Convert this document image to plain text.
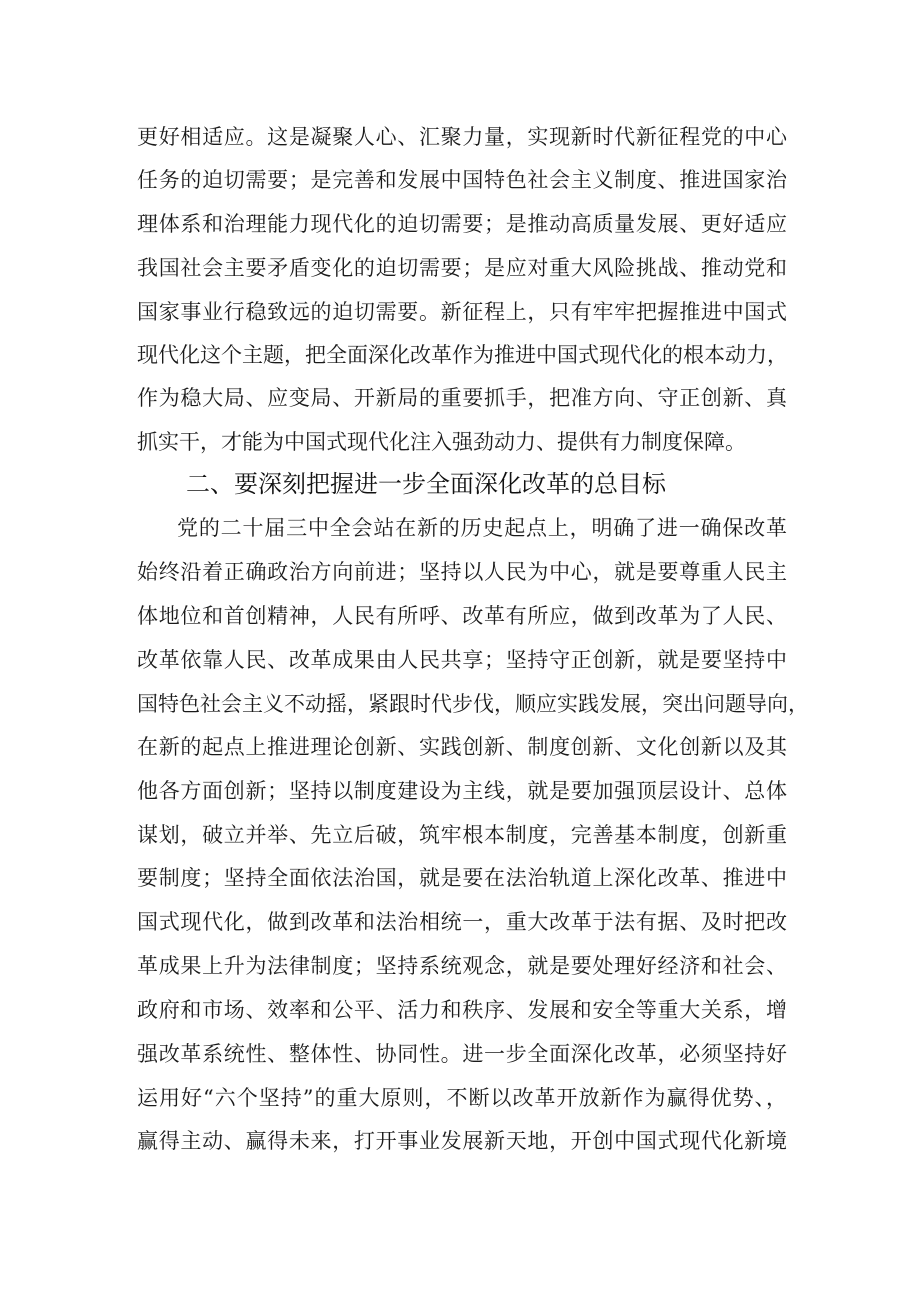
更好相适应。这是凝聚人心、汇聚力量，实现新时代新征程党的中心
任务的迫切需要；是完善和发展中国特色社会主义制度、推进国家治
理体系和治理能力现代化的迫切需要；是推动高质量发展、更好适应
我国社会主要矛盾变化的迫切需要；是应对重大风险挑战、推动党和
国家事业行稳致远的迫切需要。新征程上，只有牢牢把握推进中国式
现代化这个主题，把全面深化改革作为推进中国式现代化的根本动力，
作为稳大局、应变局、开新局的重要抓手，把准方向、守正创新、真
抓实干，才能为中国式现代化注入强劲动力、提供有力制度保障。
二、要深刻把握进一步全面深化改革的总目标
党的二十届三中全会站在新的历史起点上，明确了进一确保改革
始终沿着正确政治方向前进；坚持以人民为中心，就是要尊重人民主
体地位和首创精神，人民有所呼、改革有所应，做到改革为了人民、
改革依靠人民、改革成果由人民共享；坚持守正创新，就是要坚持中
国特色社会主义不动摇，紧跟时代步伐，顺应实践发展，突出问题导向，
在新的起点上推进理论创新、实践创新、制度创新、文化创新以及其
他各方面创新；坚持以制度建设为主线，就是要加强顶层设计、总体
谋划，破立并举、先立后破，筑牢根本制度，完善基本制度，创新重
要制度；坚持全面依法治国，就是要在法治轨道上深化改革、推进中
国式现代化，做到改革和法治相统一，重大改革于法有据、及时把改
革成果上升为法律制度；坚持系统观念，就是要处理好经济和社会、
政府和市场、效率和公平、活力和秩序、发展和安全等重大关系，增
强改革系统性、整体性、协同性。进一步全面深化改革，必须坚持好
运用好“六个坚持”的重大原则，不断以改革开放新作为赢得优势、，
赢得主动、赢得未来，打开事业发展新天地，开创中国式现代化新境
